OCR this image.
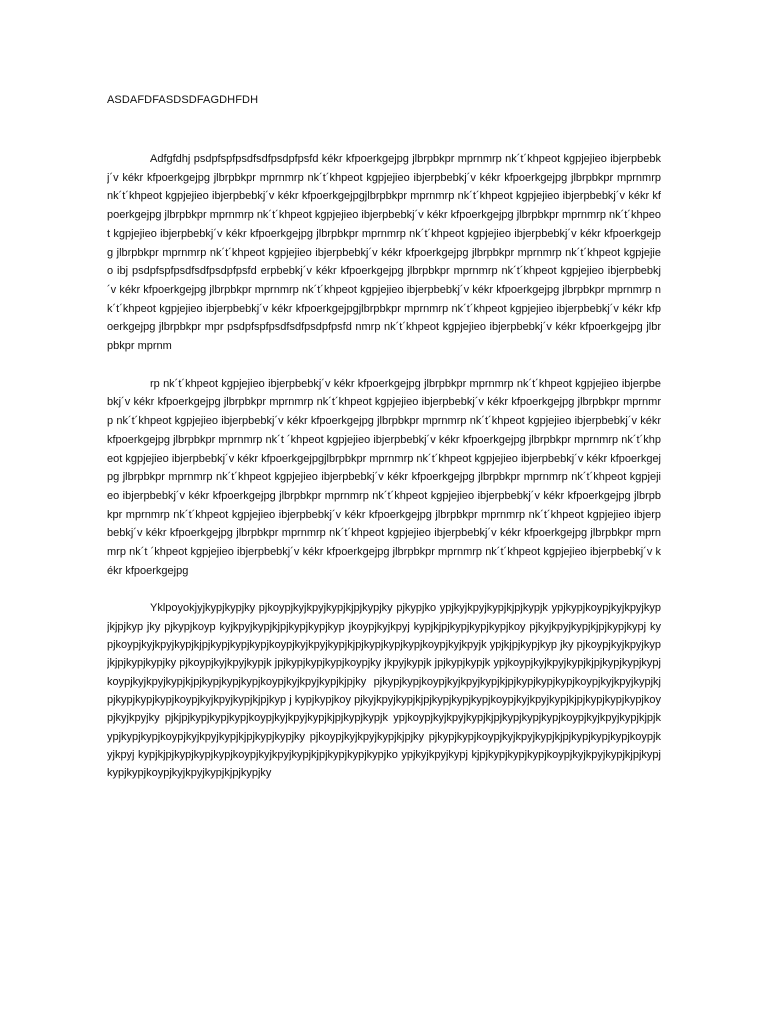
ASDAFDFASDSDFAGDHFDH

Adfgfdhj psdpfspfpsdfsdfpsdpfpsfd kékr kfpoerkgejpg jlbrpbkpr mprnmrp nk´t´khpeot kgpjejieo ibjerpbebkj´v kékr kfpoerkgejpg jlbrpbkpr mprnmrp nk´t´khpeot kgpjejieo ibjerpbebkj´v kékr kfpoerkgejpg jlbrpbkpr mprnmrp nk´t´khpeot kgpjejieo ibjerpbebkj´v kékr kfpoerkgejpgjlbrpbkpr mprnmrp nk´t´khpeot kgpjejieo ibjerpbebkj´v kékr kfpoerkgejpg jlbrpbkpr mprnmrp nk´t´khpeot kgpjejieo ibjerpbebkj´v kékr kfpoerkgejpg jlbrpbkpr mprnmrp nk´t´khpeot kgpjejieo ibjerpbebkj´v kékr kfpoerkgejpg jlbrpbkpr mprnmrp nk´t´khpeot kgpjejieo ibjerpbebkj´v kékr kfpoerkgejpg jlbrpbkpr mprnmrp nk´t´khpeot kgpjejieo ibjerpbebkj´v kékr kfpoerkgejpg jlbrpbkpr mprnmrp nk´t´khpeot kgpjejieo ibj psdpfspfpsdfsdfpsdpfpsfd erpbebkj´v kékr kfpoerkgejpg jlbrpbkpr mprnmrp nk´t´khpeot kgpjejieo ibjerpbebkj´v kékr kfpoerkgejpg jlbrpbkpr mprnmrp nk´t´khpeot kgpjejieo ibjerpbebkj´v kékr kfpoerkgejpg jlbrpbkpr mprnmrp nk´t´khpeot kgpjejieo ibjerpbebkj´v kékr kfpoerkgejpgjlbrpbkpr mprnmrp nk´t´khpeot kgpjejieo ibjerpbebkj´v kékr kfpoerkgejpg jlbrpbkpr mpr psdpfspfpsdfsdfpsdpfpsfd nmrp nk´t´khpeot kgpjejieo ibjerpbebkj´v kékr kfpoerkgejpg jlbrpbkpr mprnm

rp nk´t´khpeot kgpjejieo ibjerpbebkj´v kékr kfpoerkgejpg jlbrpbkpr mprnmrp nk´t´khpeot kgpjejieo ibjerpbebkj´v kékr kfpoerkgejpg jlbrpbkpr mprnmrp nk´t´khpeot kgpjejieo ibjerpbebkj´v kékr kfpoerkgejpg jlbrpbkpr mprnmrp nk´t´khpeot kgpjejieo ibjerpbebkj´v kékr kfpoerkgejpg jlbrpbkpr mprnmrp nk´t´khpeot kgpjejieo ibjerpbebkj´v kékr kfpoerkgejpg jlbrpbkpr mprnmrp nk´t ´khpeot kgpjejieo ibjerpbebkj´v kékr kfpoerkgejpg jlbrpbkpr mprnmrp nk´t´khpeot kgpjejieo ibjerpbebkj´v kékr kfpoerkgejpgjlbrpbkpr mprnmrp nk´t´khpeot kgpjejieo ibjerpbebkj´v kékr kfpoerkgejpg jlbrpbkpr mprnmrp nk´t´khpeot kgpjejieo ibjerpbebkj´v kékr kfpoerkgejpg jlbrpbkpr mprnmrp nk´t´khpeot kgpjejieo ibjerpbebkj´v kékr kfpoerkgejpg jlbrpbkpr mprnmrp nk´t´khpeot kgpjejieo ibjerpbebkj´v kékr kfpoerkgejpg jlbrpbkpr mprnmrp nk´t´khpeot kgpjejieo ibjerpbebkj´v kékr kfpoerkgejpg jlbrpbkpr mprnmrp nk´t´khpeot kgpjejieo ibjerpbebkj´v kékr kfpoerkgejpg jlbrpbkpr mprnmrp nk´t´khpeot kgpjejieo ibjerpbebkj´v kékr kfpoerkgejpg jlbrpbkpr mprnmrp nk´t ´khpeot kgpjejieo ibjerpbebkj´v kékr kfpoerkgejpg jlbrpbkpr mprnmrp nk´t´khpeot kgpjejieo ibjerpbebkj´v kékr kfpoerkgejpg

Yklpoyokjyjkypjkypjky pjkoypjkyjkpyjkypjkjpjkypjky pjkypjko ypjkyjkpyjkypjkjpjkypjk ypjkypjkoypjkyjkpyjkypjkjpjkyp jky pjkypjkoyp kyjkpyjkypjkjpjkypjkypjkyp jkoypjkyjkpyj kypjkjpjkypjkypjkypjkoy pjkyjkpyjkypjkjpjkypjkypj kypjkoypjkyjkpyjkypjkjpjkypjkypjkypjkoypjkyjkpyjkypjkjpjkypjkypjkypjkoypjkyjkpyjk ypjkjpjkypjkyp jky pjkoypjkyjkpyjkypjkjpjkypjkypjky pjkoypjkyjkpyjkypjk jpjkypjkypjkypjkoypjky jkpyjkypjk jpjkypjkypjk ypjkoypjkyjkpyjkypjkjpjkypjkypjkypjkoypjkyjkpyjkypjkjpjkypjkypjkypjkoypjkyjkpyjkypjkjpjky pjkypjkypjkoypjkyjkpyjkypjkjpjkypjkypjkypjkoypjkyjkpyjkypjkjpjkypjkypjkypjkoypjkyjkpyjkypjkjpjkyp j kypjkypjkoy pjkyjkpyjkypjkjpjkypjkypjkypjkoypjkyjkpyjkypjkjpjkypjkypjkypjkoypjkyjkpyjky pjkjpjkypjkypjkypjkoypjkyjkpyjkypjkjpjkypjkypjk ypjkoypjkyjkpyjkypjkjpjkypjkypjkypjkoypjkyjkpyjkypjkjpjkypjkypjkypjkoypjkyjkpyjkypjkjpjkypjkypjky pjkoypjkyjkpyjkypjkjpjky pjkypjkypjkoypjkyjkpyjkypjkjpjkypjkypjkypjkoypjkyjkpyj kypjkjpjkypjkypjkypjkoypjkyjkpyjkypjkjpjkypjkypjkypjko ypjkyjkpyjkypj kjpjkypjkypjkypjkoypjkyjkpyjkypjkjpjkypjkypjkypjkoypjkyjkpyjkypjkjpjkypjky
